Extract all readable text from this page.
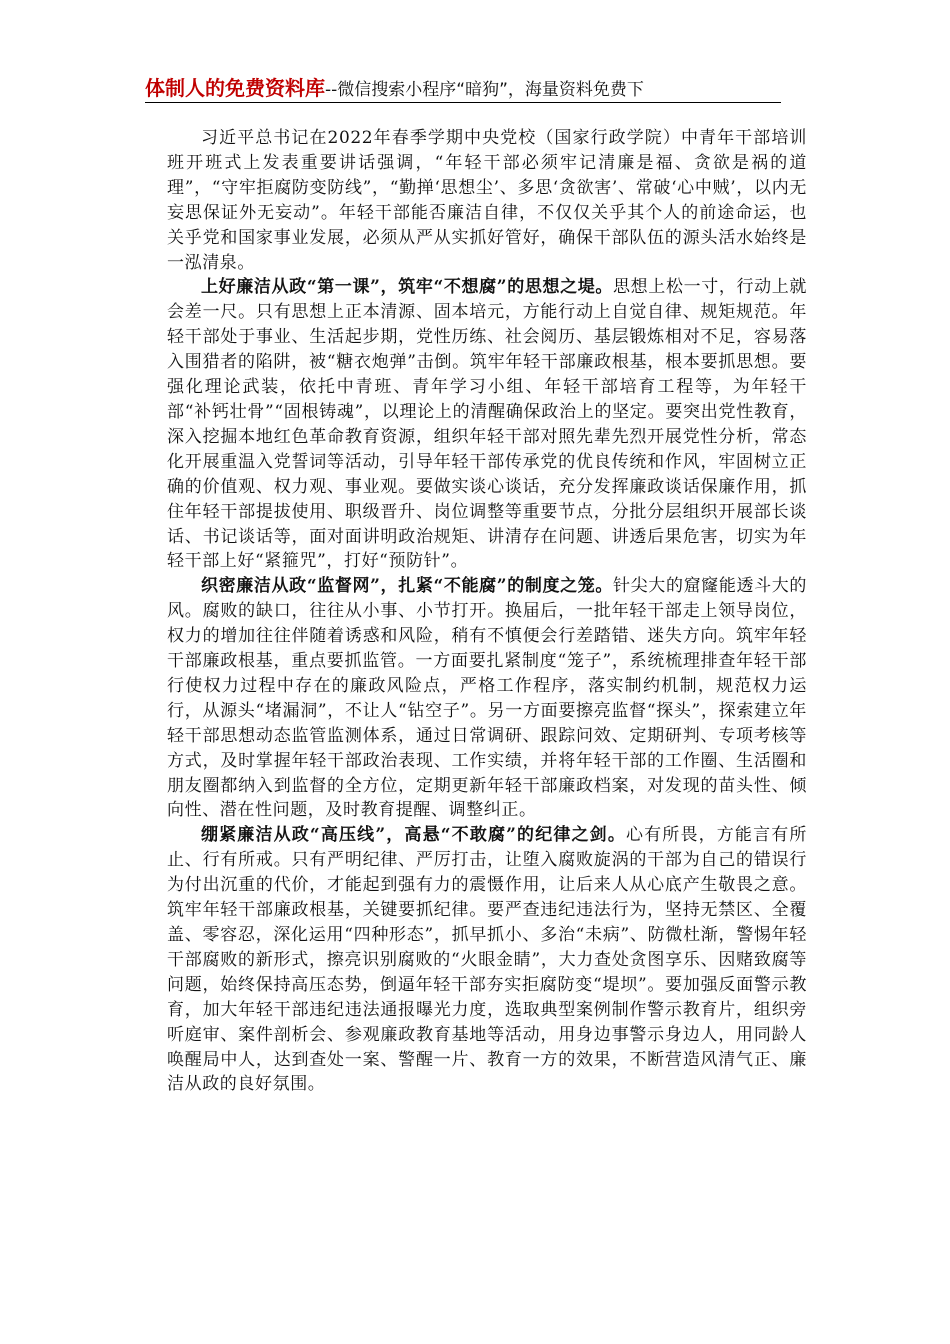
体制人的免费资料库--微信搜索小程序“暗狗”，海量资料免费下

习近平总书记在2022年春季学期中央党校（国家行政学院）中青年干部培训班开班式上发表重要讲话强调，“年轻干部必须牢记清廉是福、贪欲是祸的道理”，“守牢拒腐防变防线”，“勤掸‘思想尘’、多思‘贪欲害’、常破‘心中贼’，以内无妄思保证外无妄动”。年轻干部能否廉洁自律，不仅仅关乎其个人的前途命运，也关乎党和国家事业发展，必须从严从实抓好管好，确保干部队伍的源头活水始终是一泓清泉。

上好廉洁从政“第一课”，筑牢“不想腐”的思想之堤。思想上松一寸，行动上就会差一尺。只有思想上正本清源、固本培元，方能行动上自觉自律、规矩规范。年轻干部处于事业、生活起步期，党性历练、社会阅历、基层锻炼相对不足，容易落入围猎者的陷阱，被“糖衣炮弹”击倒。筑牢年轻干部廉政根基，根本要抓思想。要强化理论武装，依托中青班、青年学习小组、年轻干部培育工程等，为年轻干部“补钙壮骨”“固根铸魂”，以理论上的清醒确保政治上的坚定。要突出党性教育，深入挖掘本地红色革命教育资源，组织年轻干部对照先辈先烈开展党性分析，常态化开展重温入党誓词等活动，引导年轻干部传承党的优良传统和作风，牢固树立正确的价值观、权力观、事业观。要做实谈心谈话，充分发挥廉政谈话保廉作用，抓住年轻干部提拔使用、职级晋升、岗位调整等重要节点，分批分层组织开展部长谈话、书记谈话等，面对面讲明政治规矩、讲清存在问题、讲透后果危害，切实为年轻干部上好“紧箍咒”，打好“预防针”。

织密廉洁从政“监督网”，扎紧“不能腐”的制度之笼。针尖大的窟窿能透斗大的风。腐败的缺口，往往从小事、小节打开。换届后，一批年轻干部走上领导岗位，权力的增加往往伴随着诱惑和风险，稍有不慎便会行差踏错、迷失方向。筑牢年轻干部廉政根基，重点要抓监管。一方面要扎紧制度“笼子”，系统梳理排查年轻干部行使权力过程中存在的廉政风险点，严格工作程序，落实制约机制，规范权力运行，从源头“堵漏洞”，不让人“钻空子”。另一方面要擦亮监督“探头”，探索建立年轻干部思想动态监管监测体系，通过日常调研、跟踪问效、定期研判、专项考核等方式，及时掌握年轻干部政治表现、工作实绩，并将年轻干部的工作圈、生活圈和朋友圈都纳入到监督的全方位，定期更新年轻干部廉政档案，对发现的苗头性、倾向性、潜在性问题，及时教育提醒、调整纠正。

绷紧廉洁从政“高压线”，高悬“不敢腐”的纪律之剑。心有所畏，方能言有所止、行有所戒。只有严明纪律、严厉打击，让堕入腐败旋涡的干部为自己的错误行为付出沉重的代价，才能起到强有力的震慑作用，让后来人从心底产生敬畏之意。筑牢年轻干部廉政根基，关键要抓纪律。要严查违纪违法行为，坚持无禁区、全覆盖、零容忍，深化运用“四种形态”，抓早抓小、多治“未病”、防微杜渐，警惕年轻干部腐败的新形式，擦亮识别腐败的“火眼金睛”，大力查处贪图享乐、因赌致腐等问题，始终保持高压态势，倒逼年轻干部夯实拒腐防变“堤坝”。要加强反面警示教育，加大年轻干部违纪违法通报曝光力度，选取典型案例制作警示教育片，组织旁听庭审、案件剖析会、参观廉政教育基地等活动，用身边事警示身边人，用同龄人唤醒局中人，达到查处一案、警醒一片、教育一方的效果，不断营造风清气正、廉洁从政的良好氛围。
